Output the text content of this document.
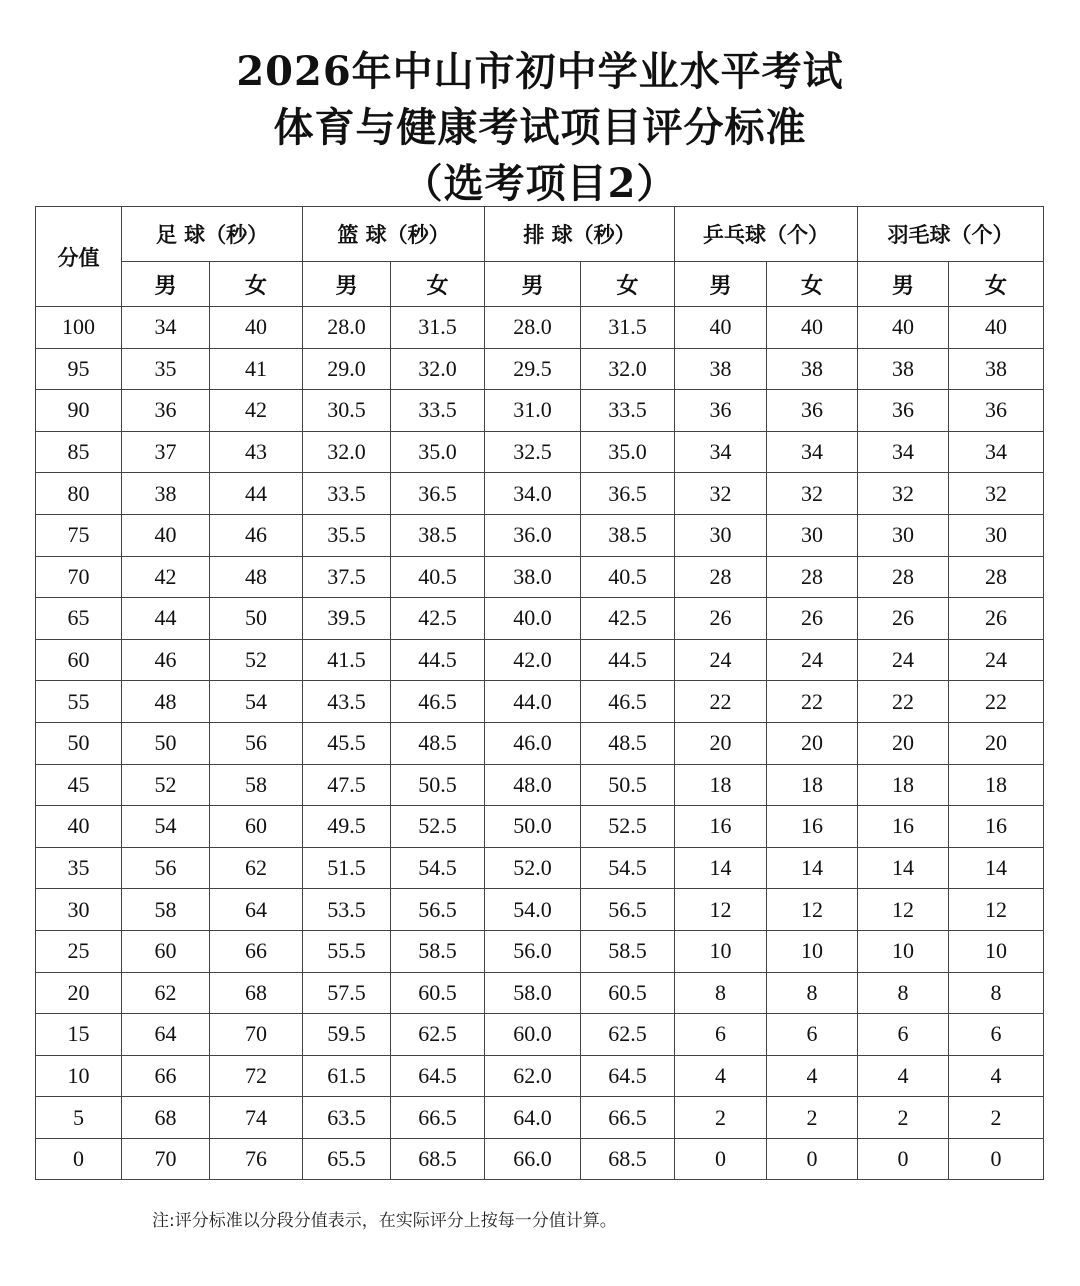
2026年中山市初中学业水平考试
体育与健康考试项目评分标准
（选考项目2）
分值	足 球（秒）		篮 球（秒）		排 球（秒）		乒乓球（个）		羽毛球（个）	
	男	女	男	女	男	女	男	女	男	女
100	34	40	28.0	31.5	28.0	31.5	40	40	40	40
95	35	41	29.0	32.0	29.5	32.0	38	38	38	38
90	36	42	30.5	33.5	31.0	33.5	36	36	36	36
85	37	43	32.0	35.0	32.5	35.0	34	34	34	34
80	38	44	33.5	36.5	34.0	36.5	32	32	32	32
75	40	46	35.5	38.5	36.0	38.5	30	30	30	30
70	42	48	37.5	40.5	38.0	40.5	28	28	28	28
65	44	50	39.5	42.5	40.0	42.5	26	26	26	26
60	46	52	41.5	44.5	42.0	44.5	24	24	24	24
55	48	54	43.5	46.5	44.0	46.5	22	22	22	22
50	50	56	45.5	48.5	46.0	48.5	20	20	20	20
45	52	58	47.5	50.5	48.0	50.5	18	18	18	18
40	54	60	49.5	52.5	50.0	52.5	16	16	16	16
35	56	62	51.5	54.5	52.0	54.5	14	14	14	14
30	58	64	53.5	56.5	54.0	56.5	12	12	12	12
25	60	66	55.5	58.5	56.0	58.5	10	10	10	10
20	62	68	57.5	60.5	58.0	60.5	8	8	8	8
15	64	70	59.5	62.5	60.0	62.5	6	6	6	6
10	66	72	61.5	64.5	62.0	64.5	4	4	4	4
5	68	74	63.5	66.5	64.0	66.5	2	2	2	2
0	70	76	65.5	68.5	66.0	68.5	0	0	0	0
注:评分标准以分段分值表示，在实际评分上按每一分值计算。
